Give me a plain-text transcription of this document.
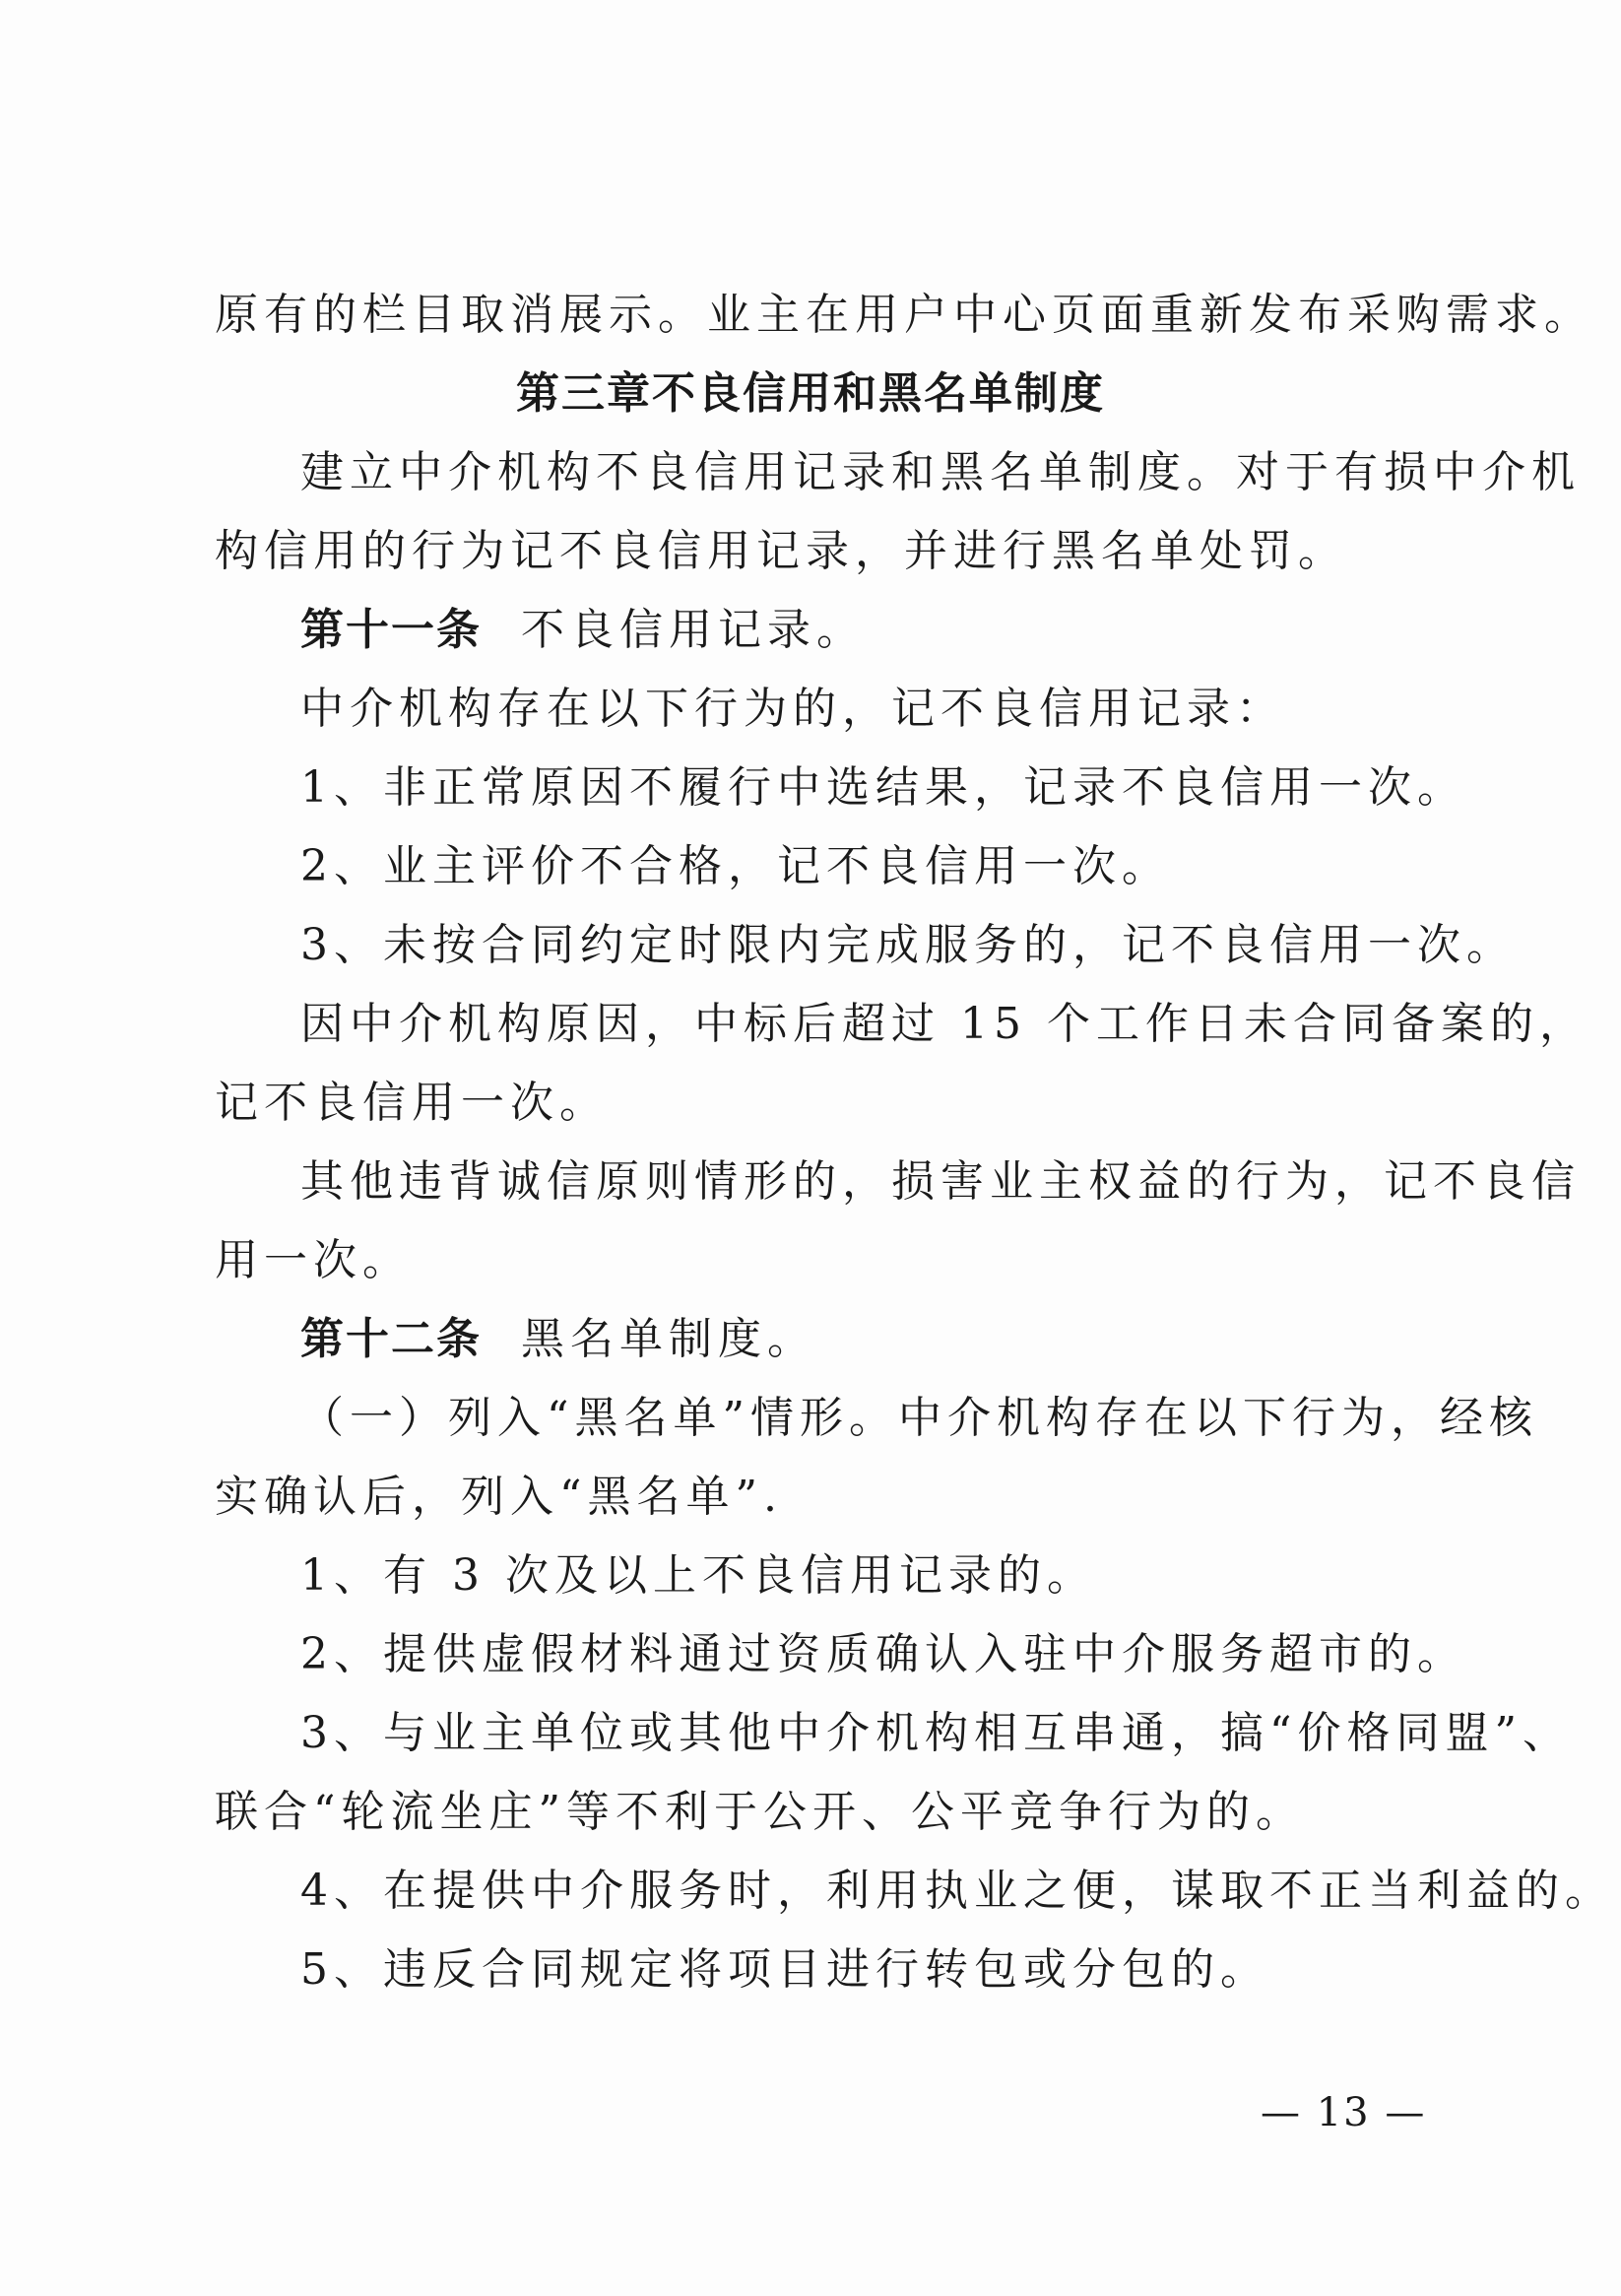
原有的栏目取消展示。业主在用户中心页面重新发布采购需求。
第三章不良信用和黑名单制度
建立中介机构不良信用记录和黑名单制度。对于有损中介机
构信用的行为记不良信用记录，并进行黑名单处罚。
第十一条 不良信用记录。
中介机构存在以下行为的，记不良信用记录：
1、非正常原因不履行中选结果，记录不良信用一次。
2、业主评价不合格，记不良信用一次。
3、未按合同约定时限内完成服务的，记不良信用一次。
因中介机构原因，中标后超过 15 个工作日未合同备案的，
记不良信用一次。
其他违背诚信原则情形的，损害业主权益的行为，记不良信
用一次。
第十二条 黑名单制度。
（一）列入“黑名单”情形。中介机构存在以下行为，经核
实确认后，列入“黑名单”.
1、有 3 次及以上不良信用记录的。
2、提供虚假材料通过资质确认入驻中介服务超市的。
3、与业主单位或其他中介机构相互串通，搞“价格同盟”、
联合“轮流坐庄”等不利于公开、公平竞争行为的。
4、在提供中介服务时，利用执业之便，谋取不正当利益的。
5、违反合同规定将项目进行转包或分包的。
— 13 —
